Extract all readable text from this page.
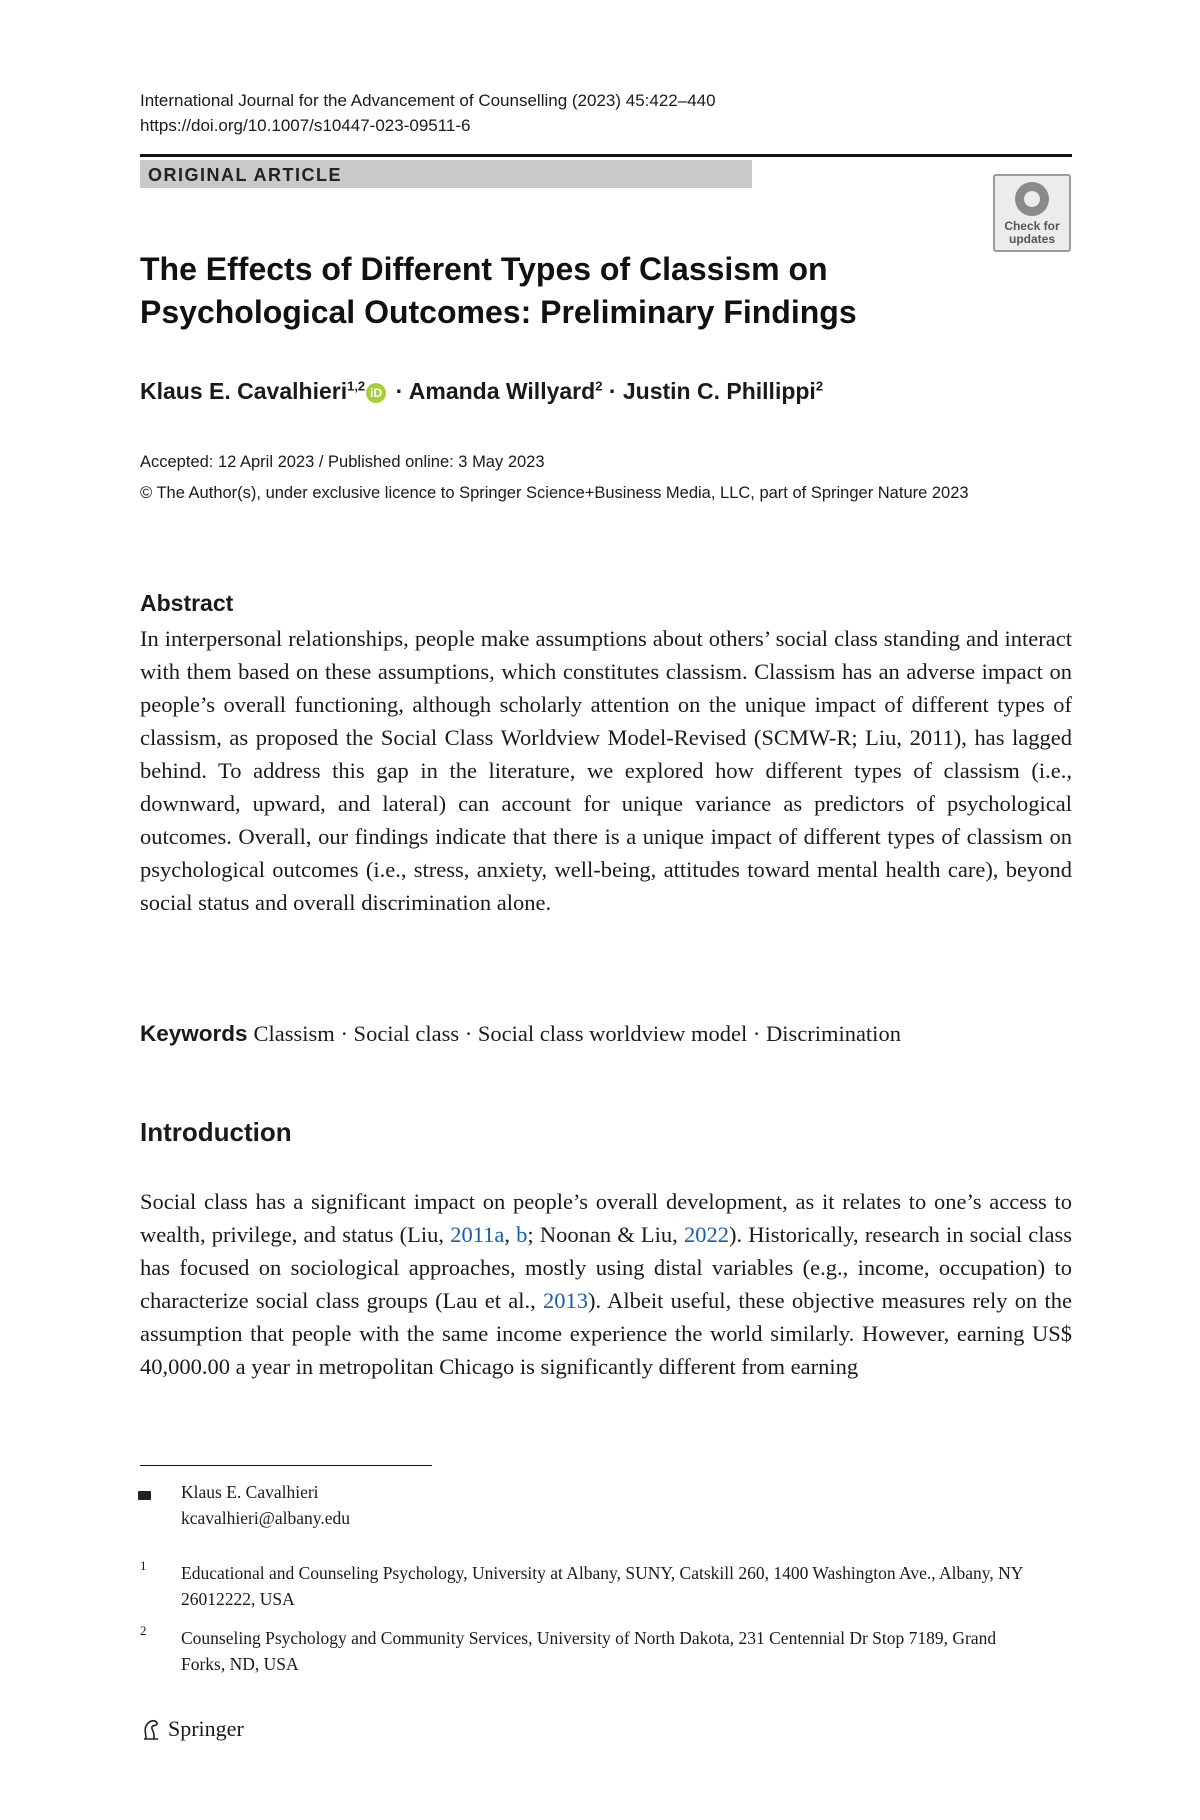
International Journal for the Advancement of Counselling (2023) 45:422–440
https://doi.org/10.1007/s10447-023-09511-6
ORIGINAL ARTICLE
Check for
updates
The Effects of Different Types of Classism on Psychological Outcomes: Preliminary Findings
Klaus E. Cavalhieri$^{1,2}$ iD · Amanda Willyard$^2$ · Justin C. Phillippi$^2$
Accepted: 12 April 2023 / Published online: 3 May 2023
© The Author(s), under exclusive licence to Springer Science+Business Media, LLC, part of Springer Nature 2023
Abstract
In interpersonal relationships, people make assumptions about others’ social class standing and interact with them based on these assumptions, which constitutes classism. Classism has an adverse impact on people’s overall functioning, although scholarly attention on the unique impact of different types of classism, as proposed the Social Class Worldview Model-Revised (SCMW-R; Liu, 2011), has lagged behind. To address this gap in the literature, we explored how different types of classism (i.e., downward, upward, and lateral) can account for unique variance as predictors of psychological outcomes. Overall, our findings indicate that there is a unique impact of different types of classism on psychological outcomes (i.e., stress, anxiety, well-being, attitudes toward mental health care), beyond social status and overall discrimination alone.
Keywords Classism · Social class · Social class worldview model · Discrimination
Introduction
Social class has a significant impact on people’s overall development, as it relates to one’s access to wealth, privilege, and status (Liu, 2011a, b; Noonan & Liu, 2022). Historically, research in social class has focused on sociological approaches, mostly using distal variables (e.g., income, occupation) to characterize social class groups (Lau et al., 2013). Albeit useful, these objective measures rely on the assumption that people with the same income experience the world similarly. However, earning US$ 40,000.00 a year in metropolitan Chicago is significantly different from earning
Klaus E. Cavalhieri
kcavalhieri@albany.edu
1 Educational and Counseling Psychology, University at Albany, SUNY, Catskill 260, 1400 Washington Ave., Albany, NY 26012222, USA
2 Counseling Psychology and Community Services, University of North Dakota, 231 Centennial Dr Stop 7189, Grand Forks, ND, USA
Springer
